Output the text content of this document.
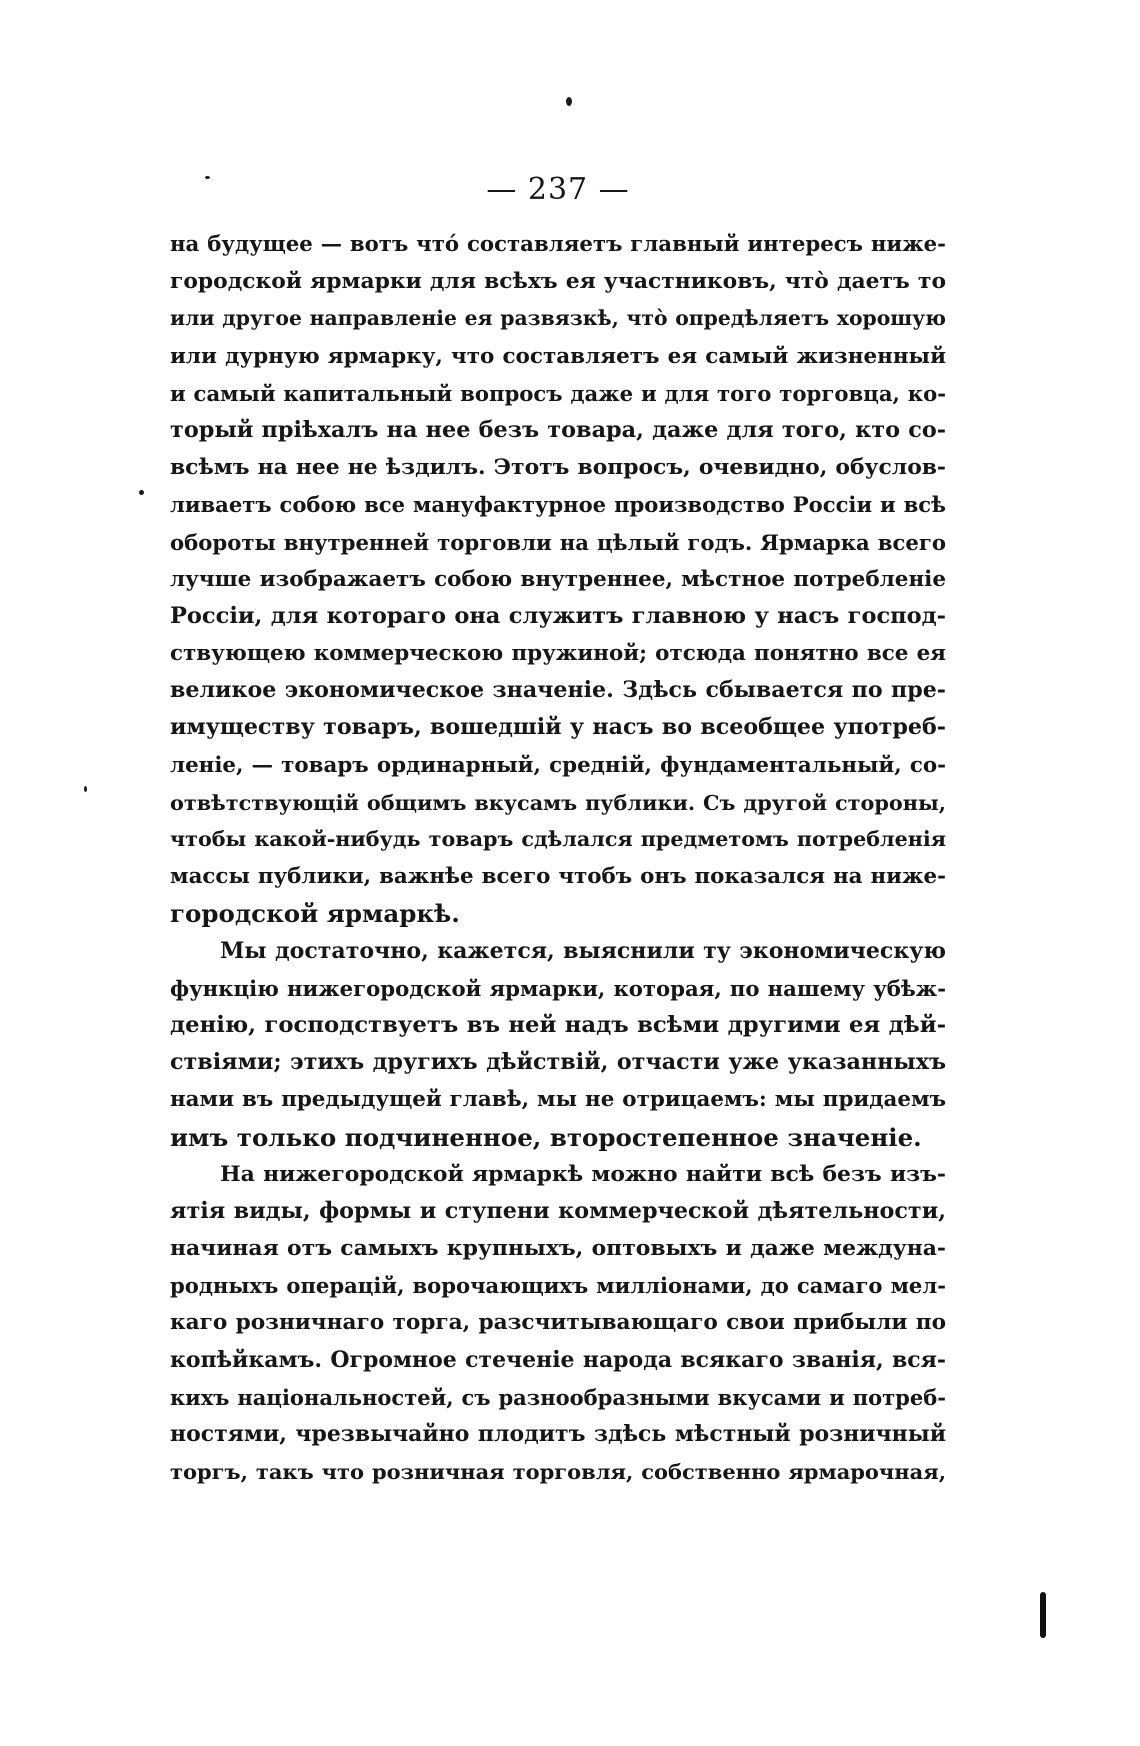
— 237 —

на будущее — вотъ чтó составляетъ главный интересъ нижe-
городской ярмарки для всѣхъ ея участниковъ, чтò даетъ то
или другое направленіе ея развязкѣ, чтò опредѣляетъ хорошую
или дурную ярмарку, что составляетъ ея самый жизненный
и самый капитальный вопросъ даже и для того торговца, ко-
торый пріѣхалъ на нее безъ товара, даже для того, кто со-
всѣмъ на нее не ѣздилъ. Этотъ вопросъ, очевидно, обуслов-
ливаетъ собою все мануфактурное производство Россіи и всѣ
обороты внутренней торговли на цѣлый годъ. Ярмарка всего
лучше изображаетъ собою внутреннее, мѣстное потребленіе
Россіи, для котораго она служитъ главною у насъ господ-
ствующею коммерческою пружиной; отсюда понятно все ея
великое экономическое значеніе. Здѣсь сбывается по пре-
имуществу товаръ, вошедшій у насъ во всеобщее употреб-
леніе, — товаръ ординарный, средній, фундаментальный, со-
отвѣтствующій общимъ вкусамъ публики. Съ другой стороны,
чтобы какой-нибудь товаръ сдѣлался предметомъ потребленія
массы публики, важнѣе всего чтобъ онъ показался на нижe-
городской ярмаркѣ.

Мы достаточно, кажется, выяснили ту экономическую
функцію нижегородской ярмарки, которая, по нашему убѣж-
денію, господствуетъ въ ней надъ всѣми другими ея дѣй-
ствіями; этихъ другихъ дѣйствій, отчасти уже указанныхъ
нами въ предыдущей главѣ, мы не отрицаемъ: мы придаемъ
имъ только подчиненное, второстепенное значеніе.

На нижегородской ярмаркѣ можно найти всѣ безъ изъ-
ятія виды, формы и ступени коммерческой дѣятельности,
начиная отъ самыхъ крупныхъ, оптовыхъ и даже междуна-
родныхъ операцій, ворочающихъ милліонами, до самаго мел-
каго розничнаго торга, разсчитывающаго свои прибыли по
копѣйкамъ. Огромное стеченіе народа всякаго званія, вся-
кихъ національностей, съ разнообразными вкусами и потреб-
ностями, чрезвычайно плодитъ здѣсь мѣстный розничный
торгъ, такъ что розничная торговля, собственно ярмарочная,
